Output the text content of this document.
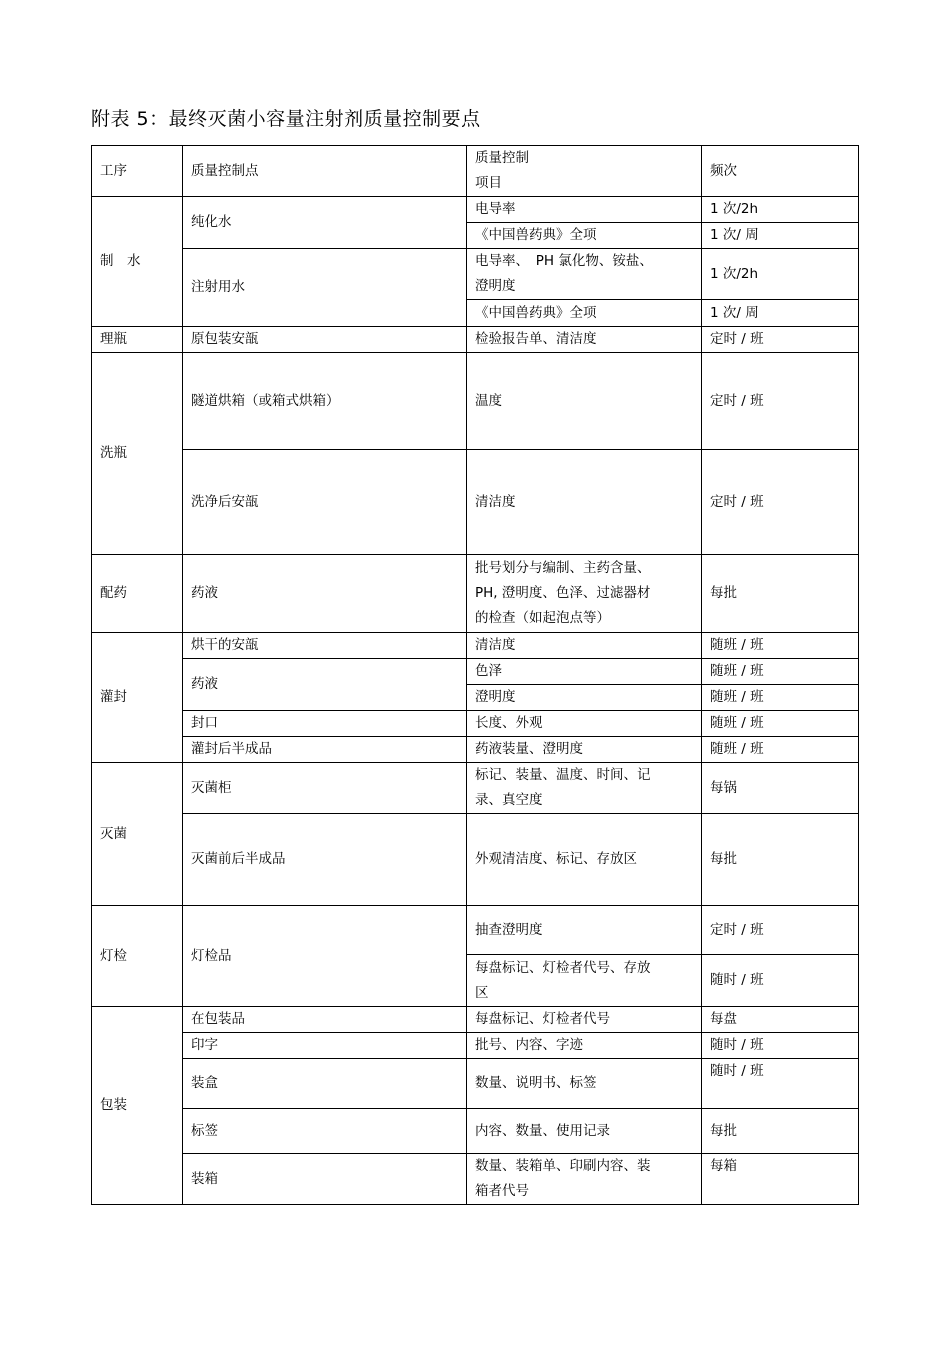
附表 5：最终灭菌小容量注射剂质量控制要点
工序	质量控制点	质量控制
项目	频次
制　水	纯化水	电导率	1 次/2h
		《中国兽药典》全项	1 次/ 周
	注射用水	电导率、　PH 氯化物、铵盐、
澄明度	1 次/2h
		《中国兽药典》全项	1 次/ 周
理瓶	原包装安瓿	检验报告单、清洁度	定时 / 班
洗瓶	隧道烘箱（或箱式烘箱）	温度	定时 / 班
	洗净后安瓿	清洁度	定时 / 班
配药	药液	批号划分与编制、主药含量、
PH, 澄明度、色泽、过滤器材
的检查（如起泡点等）	每批
灌封	烘干的安瓿	清洁度	随班 / 班
	药液	色泽	随班 / 班
		澄明度	随班 / 班
	封口	长度、外观	随班 / 班
	灌封后半成品	药液装量、澄明度	随班 / 班
灭菌	灭菌柜	标记、装量、温度、时间、记
录、真空度	每锅
	灭菌前后半成品	外观清洁度、标记、存放区	每批
灯检	灯检品	抽查澄明度	定时 / 班

		每盘标记、灯检者代号、存放
区	随时 / 班
包装	在包装品	每盘标记、灯检者代号	每盘
	印字	批号、内容、字迹	随时 / 班
	装盒	数量、说明书、标签	随时 / 班
	标签	内容、数量、使用记录	每批
	装箱	数量、装箱单、印刷内容、装
箱者代号	每箱
